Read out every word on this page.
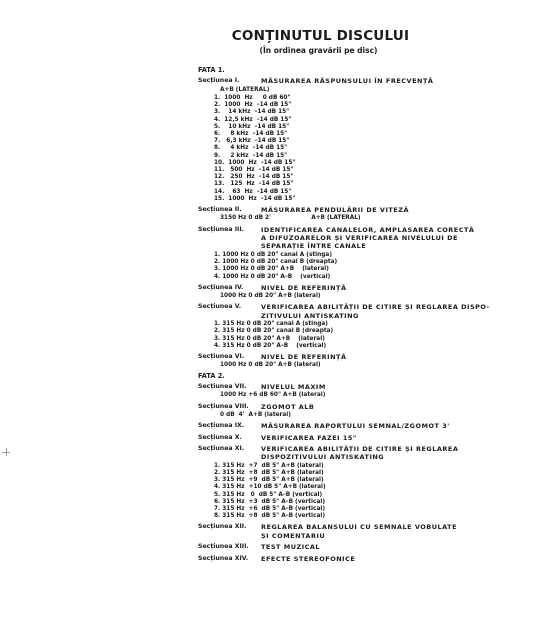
CONȚINUTUL DISCULUI
(În ordinea gravării pe disc)
FATA 1.
Secțiunea I.	MĂSURAREA RĂSPUNSULUI ÎN FRECVENȚĂ
A+B (LATERAL)
1.  1000  Hz     0 dB 60"
2.  1000  Hz  –14 dB 15"
3.    14 kHz  –14 dB 15"
4.  12,5 kHz  –14 dB 15"
5.    10 kHz  –14 dB 15"
6.     8 kHz  –14 dB 15"
7.   6,3 kHz  –14 dB 15"
8.     4 kHz  –14 dB 15"
9.     2 kHz  –14 dB 15"
10.  1000  Hz  –14 dB 15"
11.   500  Hz  –14 dB 15"
12.   250  Hz  –14 dB 15"
13.   125  Hz  –14 dB 15"
14.    63  Hz  –14 dB 15"
15.  1000  Hz  –14 dB 15"
Secțiunea II.	MĂSURAREA PENDULĂRII DE VITEZĂ
3150 Hz 0 dB 2'                    A+B (LATERAL)
Secțiunea III.	IDENTIFICAREA CANALELOR, AMPLASAREA CORECTĂ
A DIFUZOARELOR ȘI VERIFICAREA NIVELULUI DE
SEPARAȚIE ÎNTRE CANALE
1. 1000 Hz 0 dB 20" canal A (stinga)
2. 1000 Hz 0 dB 20" canal B (dreapta)
3. 1000 Hz 0 dB 20" A+B    (lateral)
4. 1000 Hz 0 dB 20" A–B    (vertical)
Secțiunea IV.	NIVEL DE REFERINȚĂ
1000 Hz 0 dB 20" A+B (lateral)
Secțiunea V.	VERIFICAREA ABILITĂȚII DE CITIRE ȘI REGLAREA DISPO-
ZITIVULUI ANTISKATING
1. 315 Hz 0 dB 20" canal A (stinga)
2. 315 Hz 0 dB 20" canal B (dreapta)
3. 315 Hz 0 dB 20" A+B    (lateral)
4. 315 Hz 0 dB 20" A–B    (vertical)
Secțiunea VI.	NIVEL DE REFERINȚĂ
1000 Hz 0 dB 20" A+B (lateral)
FATA 2.
Secțiunea VII.	NIVELUL MAXIM
1000 Hz +6 dB 60" A+B (lateral)
Secțiunea VIII.	ZGOMOT ALB
0 dB  4'  A+B (lateral)
Secțiunea IX.	MĂSURAREA RAPORTULUI SEMNAL/ZGOMOT 3'
Secțiunea X.	VERIFICAREA FAZEI 15"
Secțiunea XI.	VERIFICAREA ABILITĂȚII DE CITIRE ȘI REGLAREA
DISPOZITIVULUI ANTISKATING
1. 315 Hz  +7  dB 5" A+B (lateral)
2. 315 Hz  +8  dB 5" A+B (lateral)
3. 315 Hz  +9  dB 5" A+B (lateral)
4. 315 Hz  +10 dB 5" A+B (lateral)
5. 315 Hz   0  dB 5" A–B (vertical)
6. 315 Hz  +3  dB 5" A–B (vertical)
7. 315 Hz  +6  dB 5" A–B (vertical)
8. 315 Hz  +8  dB 5" A–B (vertical)
Secțiunea XII.	REGLAREA BALANSULUI CU SEMNALE VOBULATE
ȘI COMENTARIU
Secțiunea XIII.	TEST MUZICAL
Secțiunea XIV.	EFECTE STEREOFONICE
